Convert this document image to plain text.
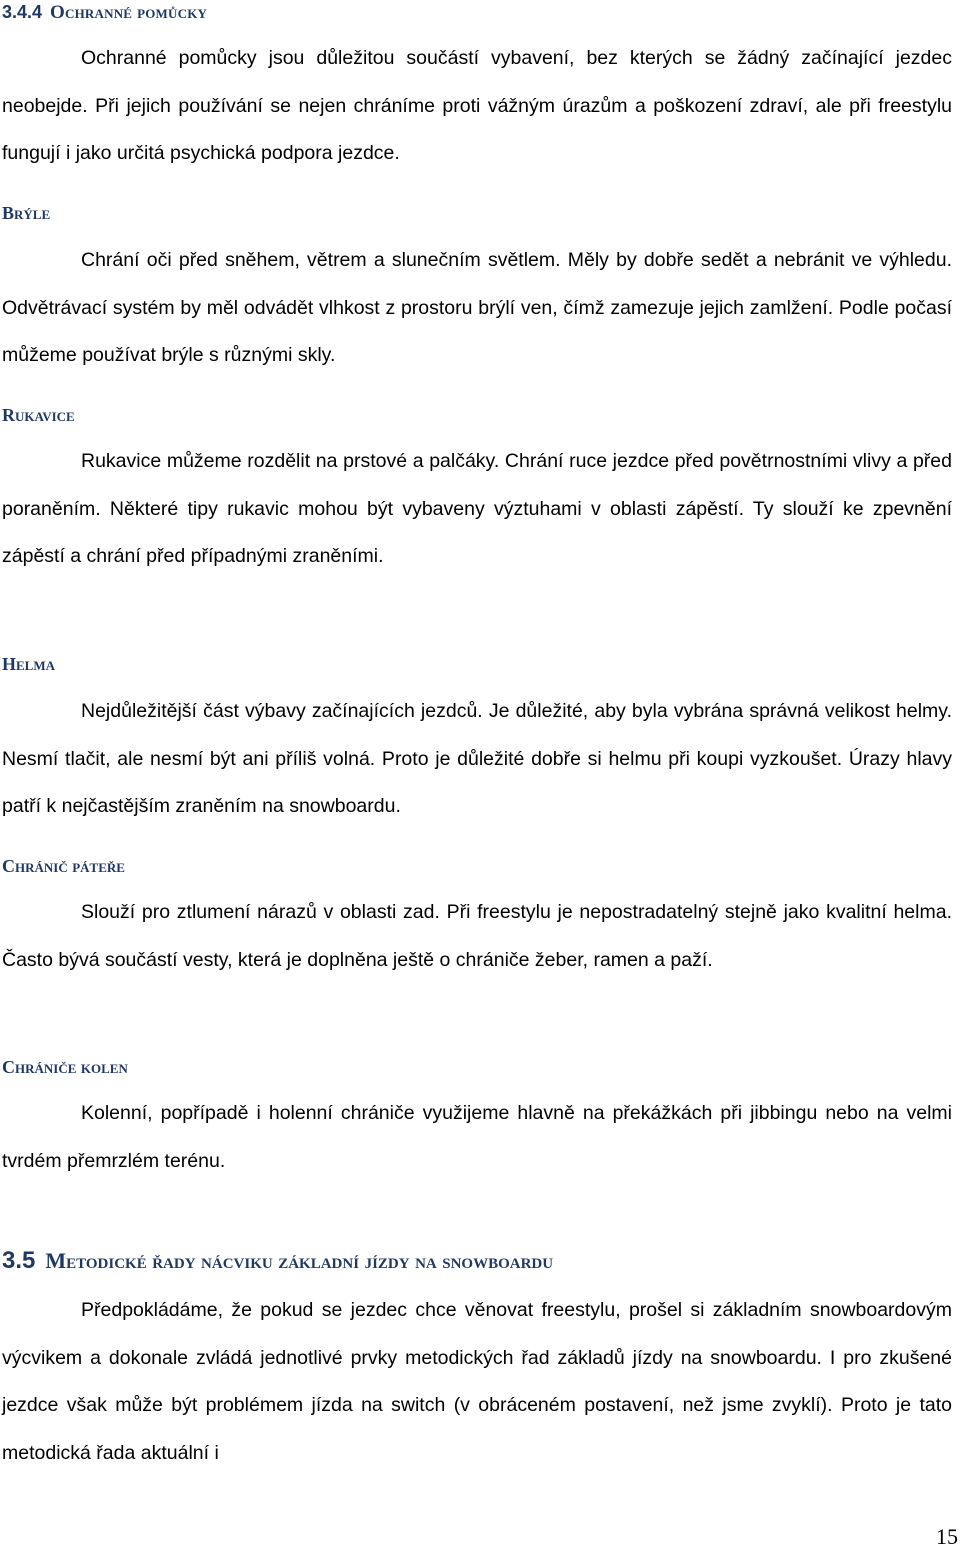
3.4.4 Ochranné pomůcky

Ochranné pomůcky jsou důležitou součástí vybavení, bez kterých se žádný začínající jezdec neobejde. Při jejich používání se nejen chráníme proti vážným úrazům a poškození zdraví, ale při freestylu fungují i jako určitá psychická podpora jezdce.

Brýle

Chrání oči před sněhem, větrem a slunečním světlem. Měly by dobře sedět a nebránit ve výhledu. Odvětrávací systém by měl odvádět vlhkost z prostoru brýlí ven, čímž zamezuje jejich zamlžení. Podle počasí můžeme používat brýle s různými skly.

Rukavice

Rukavice můžeme rozdělit na prstové a palčáky. Chrání ruce jezdce před povětrnostními vlivy a před poraněním. Některé tipy rukavic mohou být vybaveny výztuhami v oblasti zápěstí. Ty slouží ke zpevnění zápěstí a chrání před případnými zraněními.

Helma

Nejdůležitější část výbavy začínajících jezdců. Je důležité, aby byla vybrána správná velikost helmy. Nesmí tlačit, ale nesmí být ani příliš volná. Proto je důležité dobře si helmu při koupi vyzkoušet. Úrazy hlavy patří k nejčastějším zraněním na snowboardu.

Chránič páteře

Slouží pro ztlumení nárazů v oblasti zad. Při freestylu je nepostradatelný stejně jako kvalitní helma. Často bývá součástí vesty, která je doplněna ještě o chrániče žeber, ramen a paží.

Chrániče kolen

Kolenní, popřípadě i holenní chrániče využijeme hlavně na překážkách při jibbingu nebo na velmi tvrdém přemrzlém terénu.

3.5 Metodické řady nácviku základní jízdy na snowboardu

Předpokládáme, že pokud se jezdec chce věnovat freestylu, prošel si základním snowboardovým výcvikem a dokonale zvládá jednotlivé prvky metodických řad základů jízdy na snowboardu. I pro zkušené jezdce však může být problémem jízda na switch (v obráceném postavení, než jsme zvyklí). Proto je tato metodická řada aktuální i

15
